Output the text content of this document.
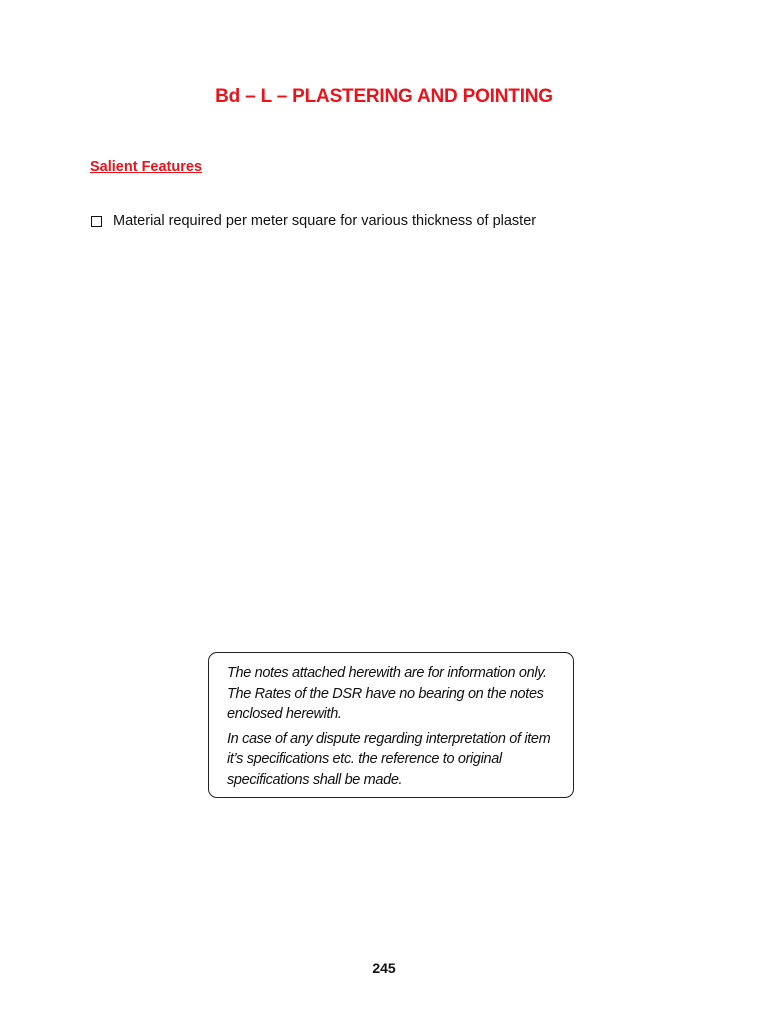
Bd – L – PLASTERING AND POINTING
Salient Features
Material required per meter square for various thickness of plaster

The notes attached herewith are for information only. The Rates of the DSR have no bearing on the notes enclosed herewith.

In case of any dispute regarding interpretation of item it’s specifications etc. the reference to original specifications shall be made.

245
